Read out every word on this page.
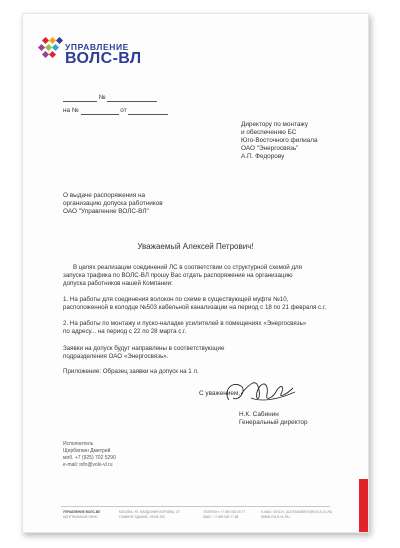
УПРАВЛЕНИЕ
ВОЛС-ВЛ
№
на №	от
Директору по монтажу
и обеспечению БС
Юго-Восточного филиала
ОАО "Энергосвязь"
А.П. Федорову
О выдаче распоряжения на
организацию допуска работников
ОАО "Управление ВОЛС-ВЛ"
Уважаемый Алексей Петрович!
В целях реализации соединений ЛС в соответствии со структурной схемой для
запуска трафика по ВОЛС-ВЛ прошу Вас отдать распоряжение на организацию
допуска работников нашей Компании:
1. На работы для соединения волокон по схеме в существующей муфте №10,
расположенной в колодце №503 кабельной канализации на период с 18 по 21 февраля с.г.
2. На работы по монтажу и пуско-наладке усилителей в помещениях «Энергосвязь»
по адресу... на период с 22 по 28 марта с.г.
Заявки на допуск будут направлены в соответствующие
подразделения ОАО «Энергосвязь».
Приложение: Образец заявки на допуск на 1 л.
С уважением,
Н.К. Сабинин
Генеральный директор
Исполнитель
Щербаткин Дмитрий
моб. +7 (925) 702 5290
e-mail: info@vols-vl.ru
УПРАВЛЕНИЕ ВОЛС-ВЛ
ЦЕНТРАЛЬНЫЙ ОФИС
МОСКВА, УЛ. МАЛДОНИЯ КОРЧЕВА, 37
ГЛАВНОЕ ЗДАНИЕ, ЭТАЖ 333
ТЕЛЕФОН: +7 495 000 00 77
ФАКС: +7 495 000 77 88
E-MAIL: VIOLLY_ALEXSANDROV@VOLS-VL.RU
WWW.VOLS-VL.RU
